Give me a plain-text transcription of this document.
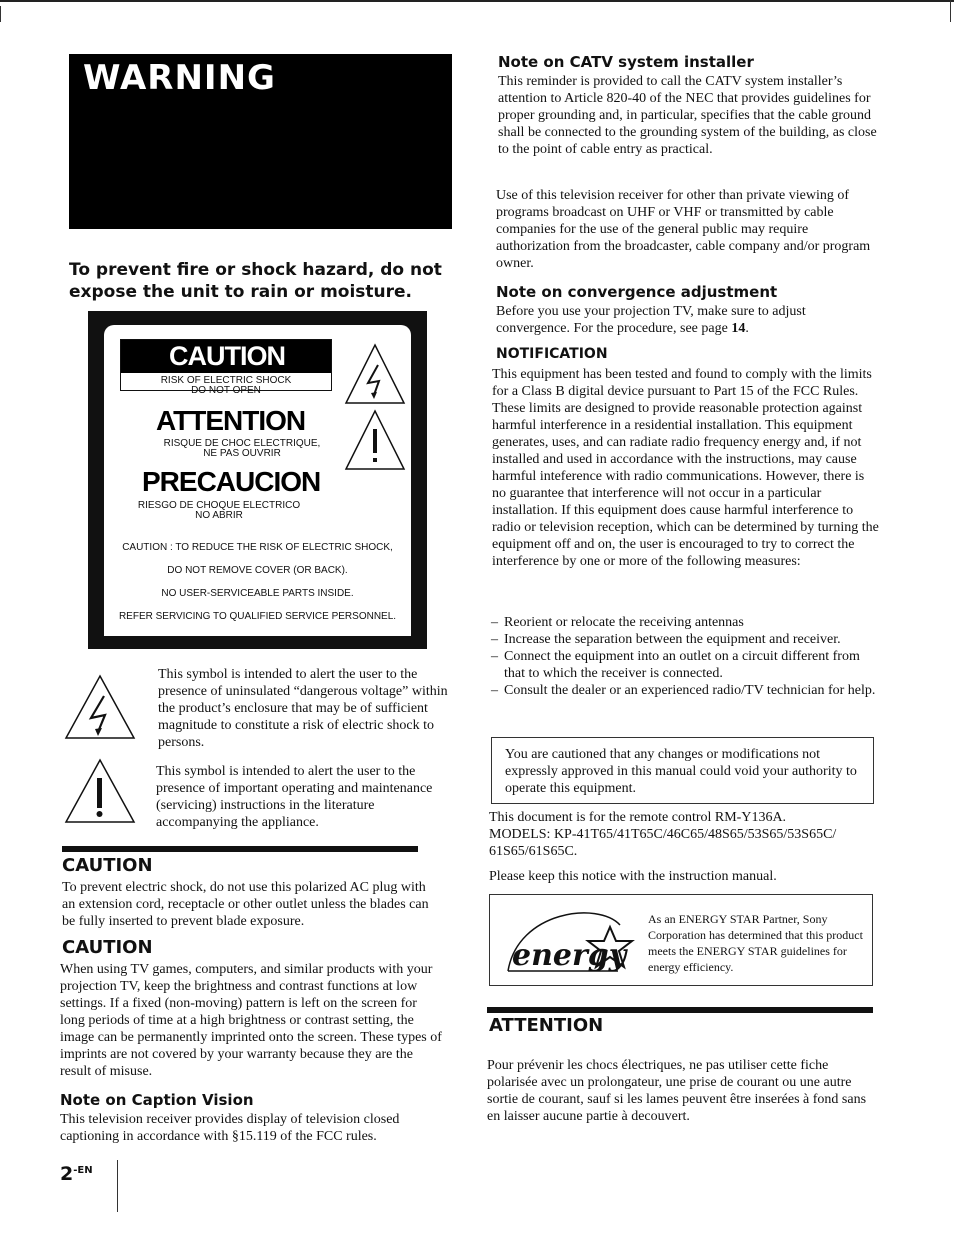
WARNING
To prevent fire or shock hazard, do not expose the unit to rain or moisture.
CAUTION
RISK OF ELECTRIC SHOCK
DO NOT OPEN
ATTENTION
RISQUE DE CHOC ELECTRIQUE,
NE PAS OUVRIR
PRECAUCION
RIESGO DE CHOQUE ELECTRICO
NO ABRIR
CAUTION : TO REDUCE THE RISK OF ELECTRIC SHOCK,
DO NOT REMOVE COVER (OR BACK).
NO USER-SERVICEABLE PARTS INSIDE.
REFER SERVICING TO QUALIFIED SERVICE PERSONNEL.
This symbol is intended to alert the user to the presence of uninsulated “dangerous voltage” within the product’s enclosure that may be of sufficient magnitude to constitute a risk of electric shock to persons.
This symbol is intended to alert the user to the presence of important operating and maintenance (servicing) instructions in the literature accompanying the appliance.
CAUTION
To prevent electric shock, do not use this polarized AC plug with an extension cord, receptacle or other outlet unless the blades can be fully inserted to prevent blade exposure.
CAUTION
When using TV games, computers, and similar products with your projection TV, keep the brightness and contrast functions at low settings. If a fixed (non-moving) pattern is left on the screen for long periods of time at a high brightness or contrast setting, the image can be permanently imprinted onto the screen. These types of imprints are not covered by your warranty because they are the result of misuse.
Note on Caption Vision
This television receiver provides display of television closed captioning in accordance with §15.119 of the FCC rules.
$2^{-EN}$
Note on CATV system installer
This reminder is provided to call the CATV system installer’s attention to Article 820-40 of the NEC that provides guidelines for proper grounding and, in particular, specifies that the cable ground shall be connected to the grounding system of the building, as close to the point of cable entry as practical.
Use of this television receiver for other than private viewing of programs broadcast on UHF or VHF or transmitted by cable companies for the use of the general public may require authorization from the broadcaster, cable company and/or program owner.
Note on convergence adjustment
Before you use your projection TV, make sure to adjust convergence. For the procedure, see page 14.
NOTIFICATION
This equipment has been tested and found to comply with the limits for a Class B digital device pursuant to Part 15 of the FCC Rules. These limits are designed to provide reasonable protection against harmful interference in a residential installation. This equipment generates, uses, and can radiate radio frequency energy and, if not installed and used in accordance with the instructions, may cause harmful inteference with radio communications. However, there is no guarantee that interference will not occur in a particular installation. If this equipment does cause harmful interference to radio or television reception, which can be determined by turning the equipment off and on, the user is encouraged to try to correct the interference by one or more of the following measures:
– Reorient or relocate the receiving antennas
– Increase the separation between the equipment and receiver.
– Connect the equipment into an outlet on a circuit different from that to which the receiver is connected.
– Consult the dealer or an experienced radio/TV technician for help.
You are cautioned that any changes or modifications not expressly approved in this manual could void your authority to operate this equipment.
This document is for the remote control RM-Y136A.
MODELS: KP-41T65/41T65C/46C65/48S65/53S65/53S65C/ 61S65/61S65C.
Please keep this notice with the instruction manual.
energy
As an ENERGY STAR Partner, Sony Corporation has determined that this product meets the ENERGY STAR guidelines for energy efficiency.
ATTENTION
Pour prévenir les chocs électriques, ne pas utiliser cette fiche polarisée avec un prolongateur, une prise de courant ou une autre sortie de courant, sauf si les lames peuvent être inserées à fond sans en laisser aucune partie à decouvert.
